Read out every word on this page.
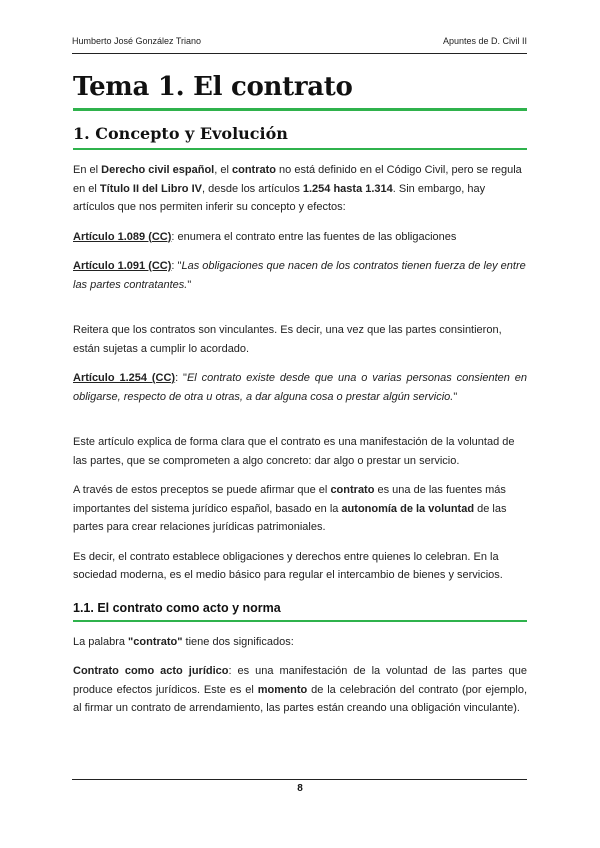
Humberto José González Triano	Apuntes de D. Civil II
Tema 1. El contrato
1. Concepto y Evolución

En el Derecho civil español, el contrato no está definido en el Código Civil, pero se regula en el Título II del Libro IV, desde los artículos 1.254 hasta 1.314. Sin embargo, hay artículos que nos permiten inferir su concepto y efectos:

Artículo 1.089 (CC): enumera el contrato entre las fuentes de las obligaciones

Artículo 1.091 (CC): "Las obligaciones que nacen de los contratos tienen fuerza de ley entre las partes contratantes."

Reitera que los contratos son vinculantes. Es decir, una vez que las partes consintieron, están sujetas a cumplir lo acordado.

Artículo 1.254 (CC): "El contrato existe desde que una o varias personas consienten en obligarse, respecto de otra u otras, a dar alguna cosa o prestar algún servicio."

Este artículo explica de forma clara que el contrato es una manifestación de la voluntad de las partes, que se comprometen a algo concreto: dar algo o prestar un servicio.

A través de estos preceptos se puede afirmar que el contrato es una de las fuentes más importantes del sistema jurídico español, basado en la autonomía de la voluntad de las partes para crear relaciones jurídicas patrimoniales.

Es decir, el contrato establece obligaciones y derechos entre quienes lo celebran. En la sociedad moderna, es el medio básico para regular el intercambio de bienes y servicios.

1.1. El contrato como acto y norma

La palabra "contrato" tiene dos significados:

Contrato como acto jurídico: es una manifestación de la voluntad de las partes que produce efectos jurídicos. Este es el momento de la celebración del contrato (por ejemplo, al firmar un contrato de arrendamiento, las partes están creando una obligación vinculante).

8
